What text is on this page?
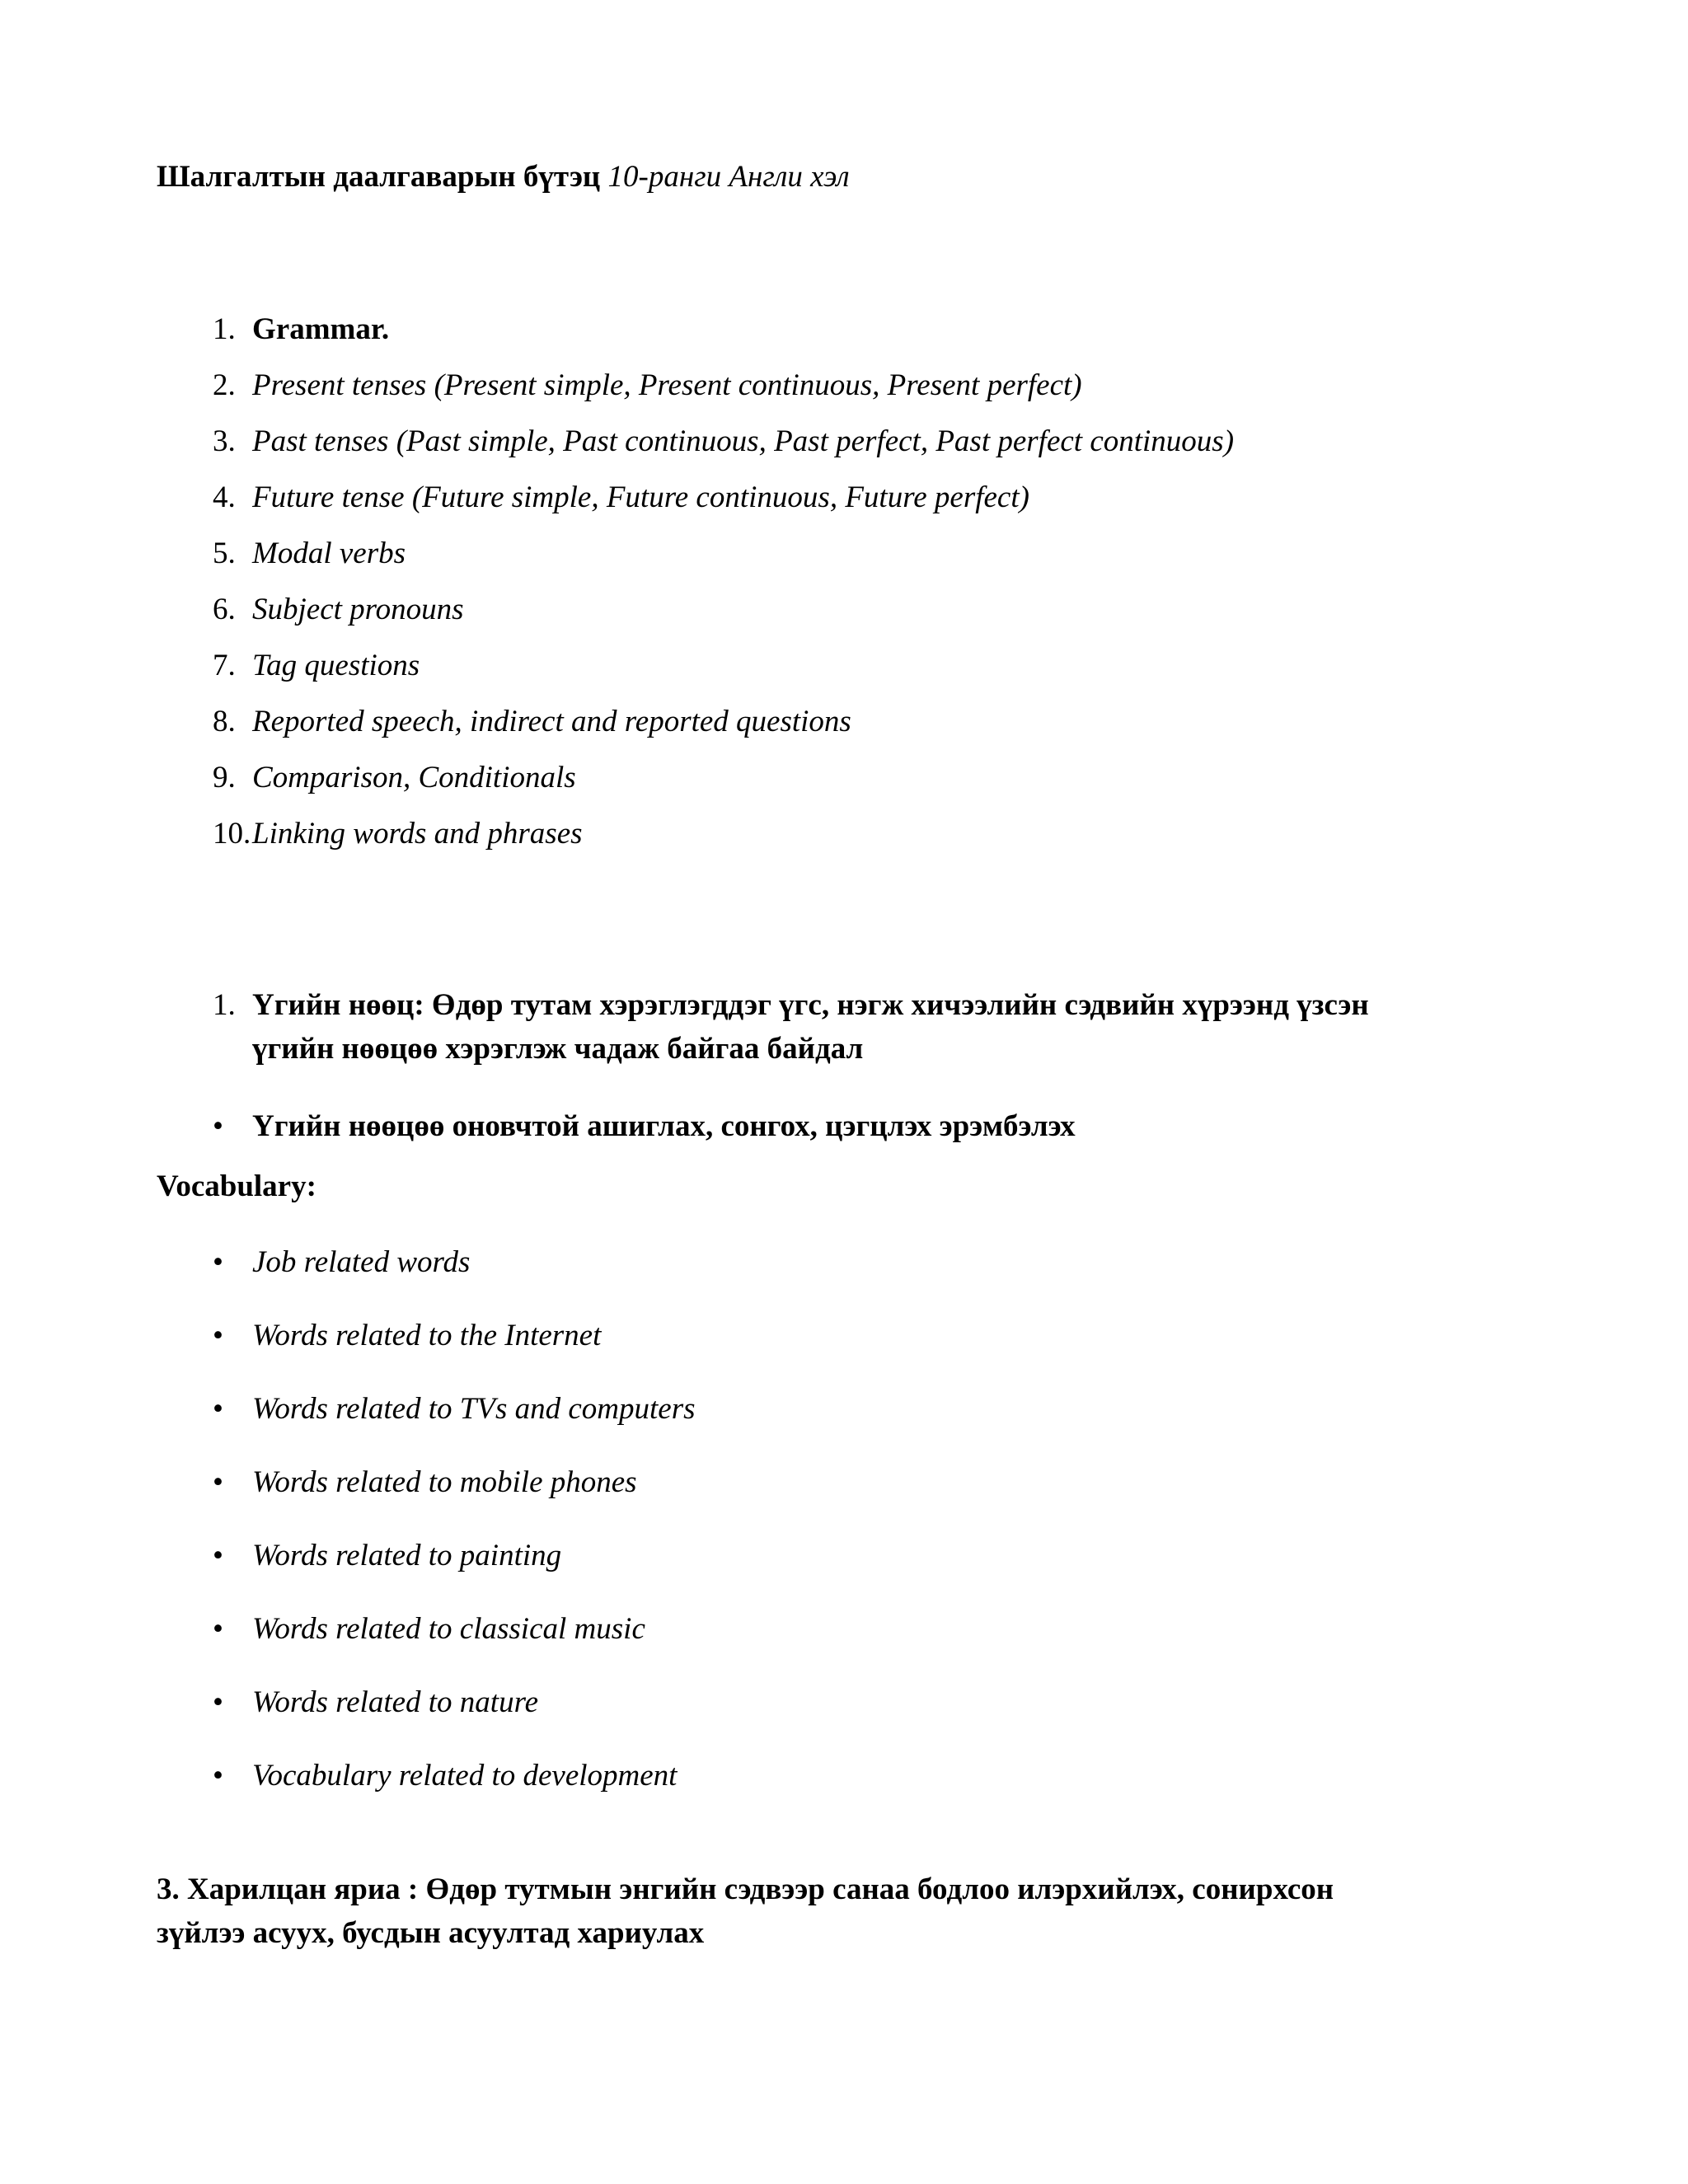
Шалгалтын даалгаварын бүтэц 10-ранги Англи хэл
1. Grammar.
2. Present tenses (Present simple, Present continuous, Present perfect)
3. Past tenses (Past simple, Past continuous, Past perfect, Past perfect continuous)
4. Future tense (Future simple, Future continuous, Future perfect)
5. Modal verbs
6. Subject pronouns
7. Tag questions
8. Reported speech, indirect and reported questions
9. Comparison, Conditionals
10. Linking words and phrases
1. Үгийн нөөц: Өдөр тутам хэрэглэгддэг үгс, нэгж хичээлийн сэдвийн хүрээнд үзсэн
үгийн нөөцөө хэрэглэж чадаж байгаа байдал
• Үгийн нөөцөө оновчтой ашиглах, сонгох, цэгцлэх эрэмбэлэх
Vocabulary:
• Job related words
• Words related to the Internet
• Words related to TVs and computers
• Words related to mobile phones
• Words related to painting
• Words related to classical music
• Words related to nature
• Vocabulary related to development
3. Харилцан яриа : Өдөр тутмын энгийн сэдвээр санаа бодлоо илэрхийлэх, сонирхсон
зүйлээ асуух, бусдын асуултад хариулах
